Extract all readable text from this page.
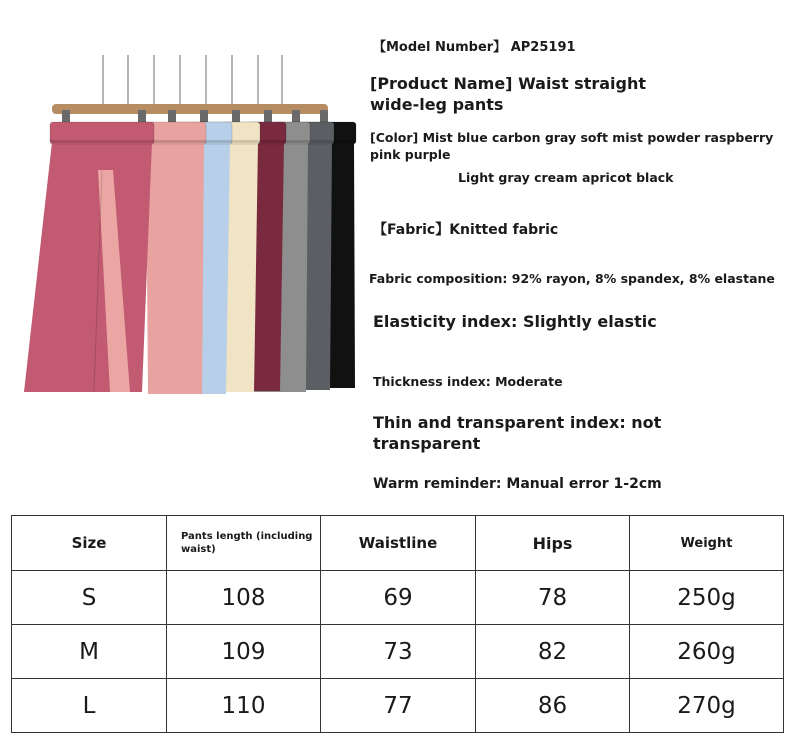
【Model Number】 AP25191
[Product Name] Waist straight wide-leg pants
[Color] Mist blue carbon gray soft mist powder raspberry pink purple
Light gray cream apricot black
【Fabric】Knitted fabric
Fabric composition: 92% rayon, 8% spandex, 8% elastane
Elasticity index: Slightly elastic
Thickness index: Moderate
Thin and transparent index: not transparent
Warm reminder: Manual error 1-2cm
Size	Pants length (including waist)	Waistline	Hips	Weight
S	108	69	78	250g
M	109	73	82	260g
L	110	77	86	270g
